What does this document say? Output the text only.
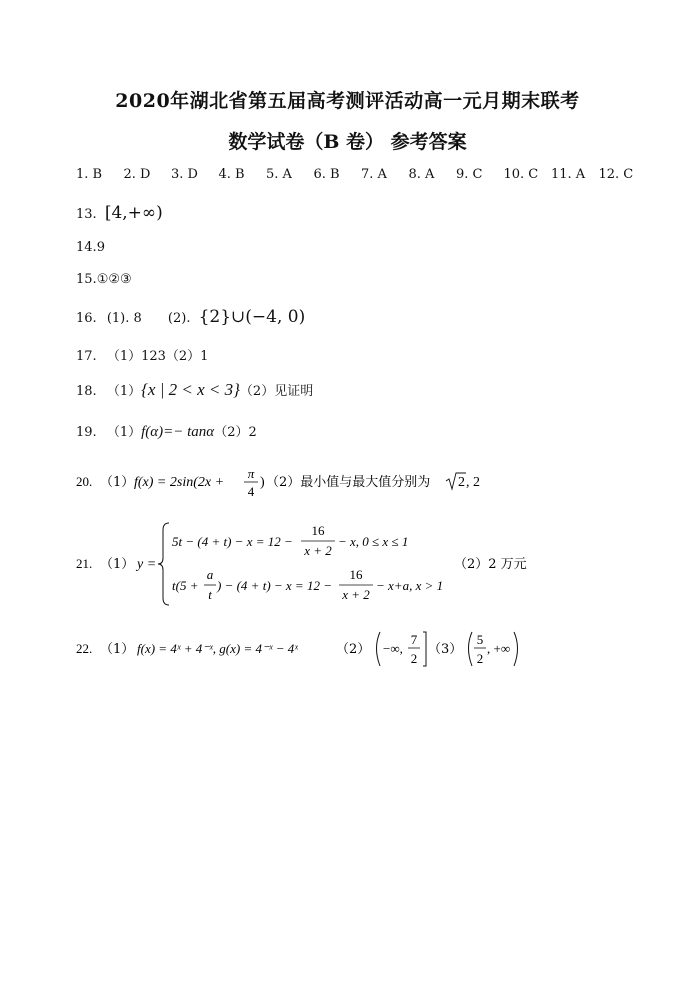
2020年湖北省第五届高考测评活动高一元月期末联考
数学试卷（B 卷） 参考答案
1. B 2. D 3. D 4. B 5. A 6. B 7. A 8. A 9. C 10. C 11. A 12. C
13. [4,+∞)
14.9
15.①②③
16. (1). 8 (2). {2}∪(−4, 0)
17. （1）123（2）1
18. （1）{x | 2 < x < 3}（2）见证明
19. （1）f(α)=− tanα（2）2
20. （1） f(x) = 2sin(2x +
π
4
) （2）最小值与最大值分别为 2 , 2
21. （1） y =
5t − (4 + t) − x = 12 −
16
x + 2
− x, 0 ≤ x ≤ 1
t(5 +
a
t
) − (4 + t) − x = 12 −
16
x + 2
− x+a, x > 1
（2）2 万元
22. （1） f(x) = 4ˣ + 4⁻ˣ, g(x) = 4⁻ˣ − 4ˣ	（2） −∞,
7
2
（3）
5
2
, +∞
